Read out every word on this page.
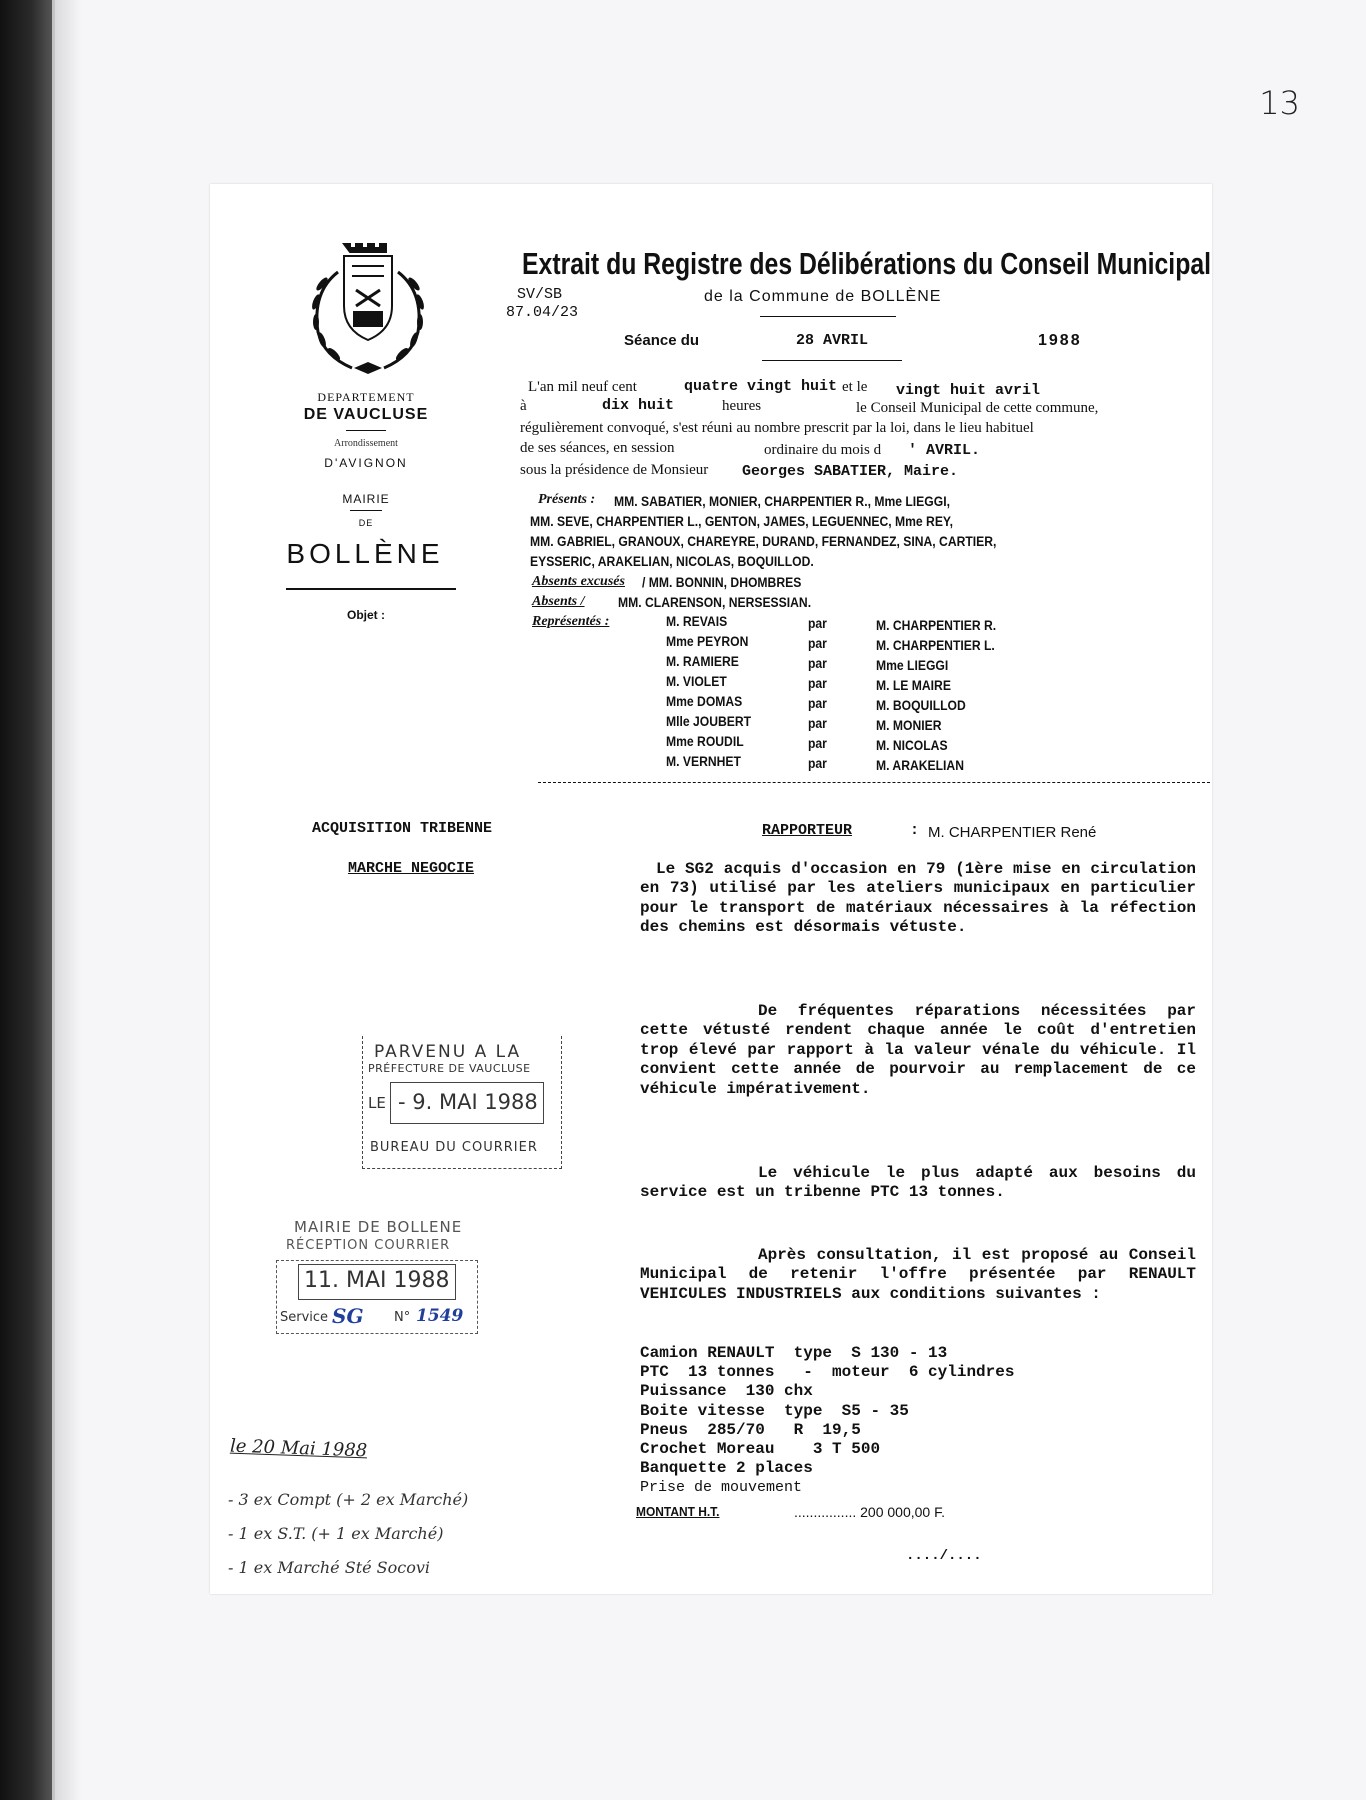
13
DEPARTEMENT
DE VAUCLUSE
Arrondissement
D'AVIGNON
MAIRIE
DE
BOLLÈNE
Objet :
Extrait du Registre des Délibérations du Conseil Municipal
SV/SB
87.04/23
de la Commune de BOLLÈNE
Séance du	28 AVRIL	1988
L'an mil neuf cent	quatre vingt huit et le vingt huit avril
à	dix huit	heures	le Conseil Municipal de cette commune,
régulièrement convoqué, s'est réuni au nombre prescrit par la loi, dans le lieu habituel
de ses séances, en session	ordinaire du mois d ' AVRIL.
sous la présidence de Monsieur Georges SABATIER, Maire.
Présents : MM. SABATIER, MONIER, CHARPENTIER R., Mme LIEGGI,
MM. SEVE, CHARPENTIER L., GENTON, JAMES, LEGUENNEC, Mme REY,
MM. GABRIEL, GRANOUX, CHAREYRE, DURAND, FERNANDEZ, SINA, CARTIER,
EYSSERIC, ARAKELIAN, NICOLAS, BOQUILLOD.
Absents excusés / MM. BONNIN, DHOMBRES
Absents / MM. CLARENSON, NERSESSIAN.
Représentés :	M. REVAIS	par	M. CHARPENTIER R.
Mme PEYRON	par	M. CHARPENTIER L.
M. RAMIERE	par	Mme LIEGGI
M. VIOLET	par	M. LE MAIRE
Mme DOMAS	par	M. BOQUILLOD
Mlle JOUBERT	par	M. MONIER
Mme ROUDIL	par	M. NICOLAS
M. VERNHET	par	M. ARAKELIAN
ACQUISITION TRIBENNE
MARCHE NEGOCIE
RAPPORTEUR	: M. CHARPENTIER René
Le SG2 acquis d'occasion en 79 (1ère mise en circulation en 73) utilisé par les ateliers municipaux en particulier pour le transport de matériaux nécessaires à la réfection des chemins est désormais vétuste.
De fréquentes réparations nécessitées par cette vétusté rendent chaque année le coût d'entretien trop élevé par rapport à la valeur vénale du véhicule. Il convient cette année de pourvoir au remplacement de ce véhicule impérativement.
Le véhicule le plus adapté aux besoins du service est un tribenne PTC 13 tonnes.
Après consultation, il est proposé au Conseil Municipal de retenir l'offre présentée par RENAULT VEHICULES INDUSTRIELS aux conditions suivantes :
Camion RENAULT  type  S 130 - 13
PTC  13 tonnes   -  moteur  6 cylindres
Puissance  130 chx
Boite vitesse  type  S5 - 35
Pneus  285/70   R  19,5
Crochet Moreau    3 T 500
Banquette 2 places
Prise de mouvement
MONTANT H.T.	................ 200 000,00 F.
..../....
PARVENU A LA
PRÉFECTURE DE VAUCLUSE
LE - 9. MAI 1988
BUREAU DU COURRIER
MAIRIE DE BOLLENE
RÉCEPTION COURRIER
11. MAI 1988
Service SG N° 1549
le 20 Mai 1988
- 3 ex Compt (+ 2 ex Marché)
- 1 ex S.T. (+ 1 ex Marché)
- 1 ex Marché Sté Socovi
